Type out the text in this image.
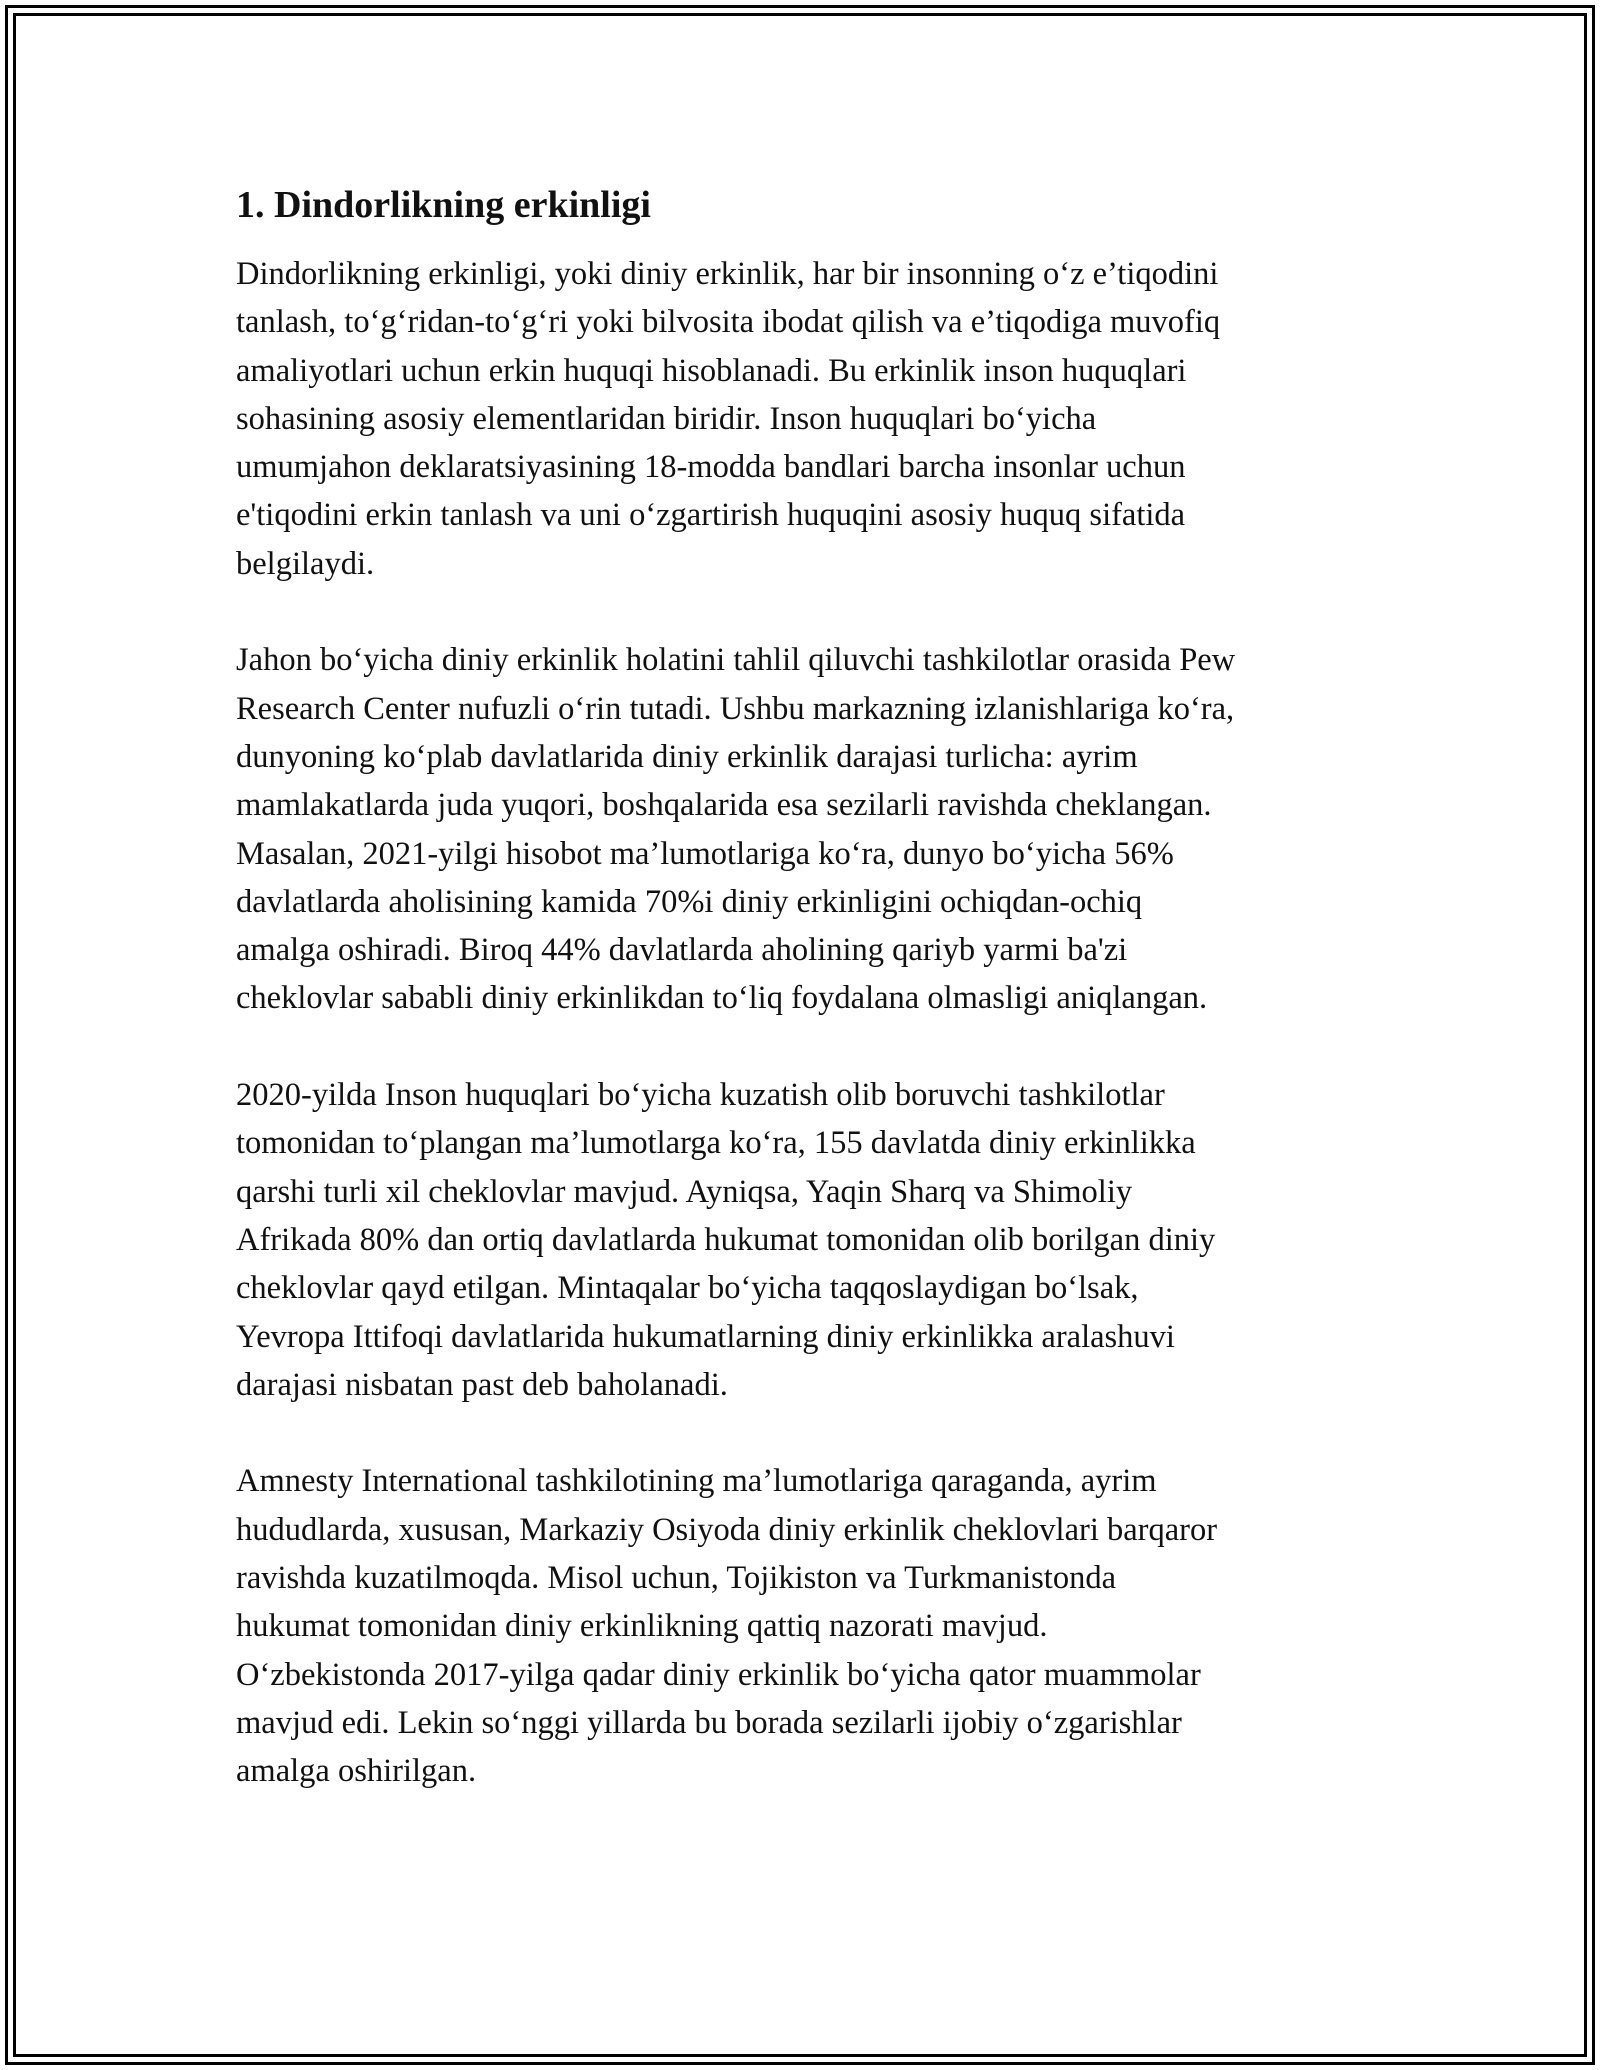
1. Dindorlikning erkinligi

Dindorlikning erkinligi, yoki diniy erkinlik, har bir insonning o‘z e’tiqodini
tanlash, to‘g‘ridan-to‘g‘ri yoki bilvosita ibodat qilish va e’tiqodiga muvofiq
amaliyotlari uchun erkin huquqi hisoblanadi. Bu erkinlik inson huquqlari
sohasining asosiy elementlaridan biridir. Inson huquqlari bo‘yicha
umumjahon deklaratsiyasining 18-modda bandlari barcha insonlar uchun
e'tiqodini erkin tanlash va uni o‘zgartirish huquqini asosiy huquq sifatida
belgilaydi.

Jahon bo‘yicha diniy erkinlik holatini tahlil qiluvchi tashkilotlar orasida Pew
Research Center nufuzli o‘rin tutadi. Ushbu markazning izlanishlariga ko‘ra,
dunyoning ko‘plab davlatlarida diniy erkinlik darajasi turlicha: ayrim
mamlakatlarda juda yuqori, boshqalarida esa sezilarli ravishda cheklangan.
Masalan, 2021-yilgi hisobot ma’lumotlariga ko‘ra, dunyo bo‘yicha 56%
davlatlarda aholisining kamida 70%i diniy erkinligini ochiqdan-ochiq
amalga oshiradi. Biroq 44% davlatlarda aholining qariyb yarmi ba'zi
cheklovlar sababli diniy erkinlikdan to‘liq foydalana olmasligi aniqlangan.

2020-yilda Inson huquqlari bo‘yicha kuzatish olib boruvchi tashkilotlar
tomonidan to‘plangan ma’lumotlarga ko‘ra, 155 davlatda diniy erkinlikka
qarshi turli xil cheklovlar mavjud. Ayniqsa, Yaqin Sharq va Shimoliy
Afrikada 80% dan ortiq davlatlarda hukumat tomonidan olib borilgan diniy
cheklovlar qayd etilgan. Mintaqalar bo‘yicha taqqoslaydigan bo‘lsak,
Yevropa Ittifoqi davlatlarida hukumatlarning diniy erkinlikka aralashuvi
darajasi nisbatan past deb baholanadi.

Amnesty International tashkilotining ma’lumotlariga qaraganda, ayrim
hududlarda, xususan, Markaziy Osiyoda diniy erkinlik cheklovlari barqaror
ravishda kuzatilmoqda. Misol uchun, Tojikiston va Turkmanistonda
hukumat tomonidan diniy erkinlikning qattiq nazorati mavjud.
O‘zbekistonda 2017-yilga qadar diniy erkinlik bo‘yicha qator muammolar
mavjud edi. Lekin so‘nggi yillarda bu borada sezilarli ijobiy o‘zgarishlar
amalga oshirilgan.
